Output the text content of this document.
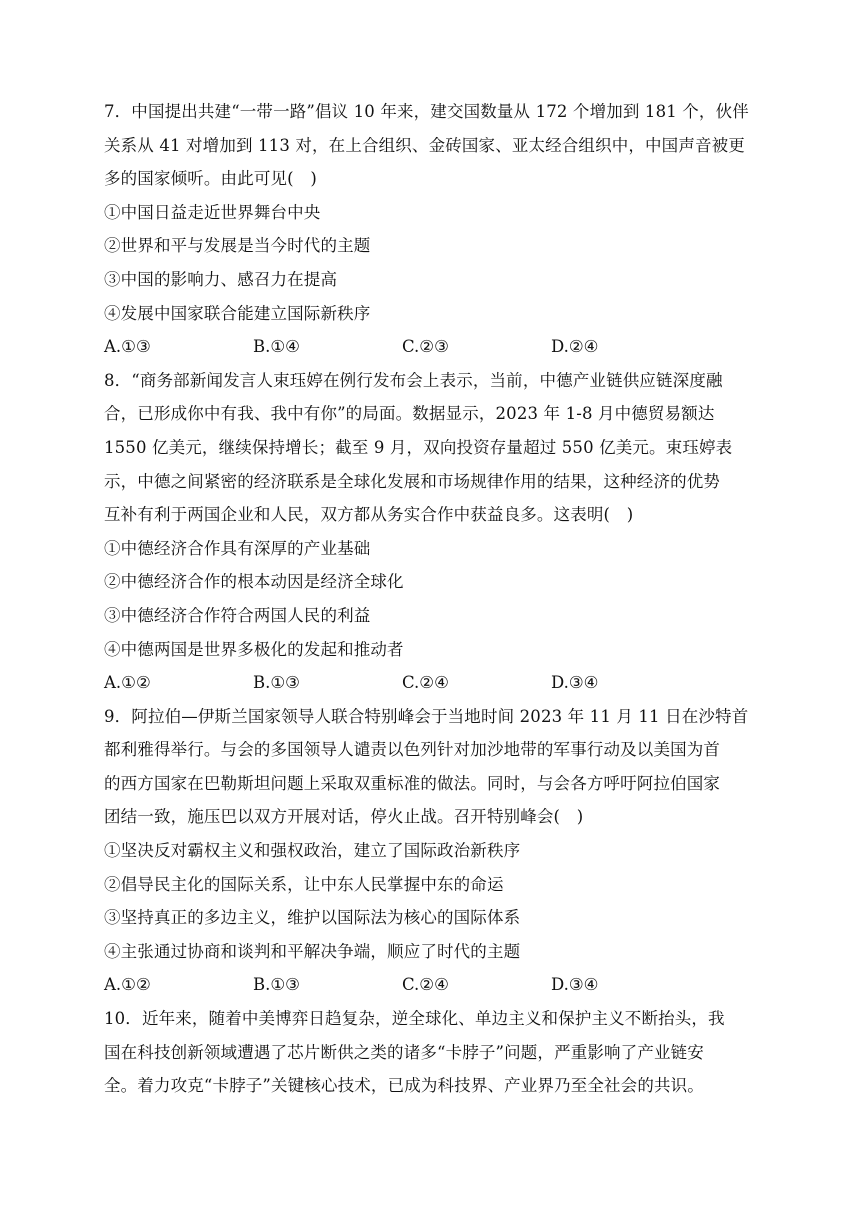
7．中国提出共建“一带一路”倡议 10 年来，建交国数量从 172 个增加到 181 个，伙伴
关系从 41 对增加到 113 对，在上合组织、金砖国家、亚太经合组织中，中国声音被更
多的国家倾听。由此可见(　)
①中国日益走近世界舞台中央
②世界和平与发展是当今时代的主题
③中国的影响力、感召力在提高
④发展中国家联合能建立国际新秩序
A.①③	B.①④	C.②③	D.②④
8．“商务部新闻发言人束珏婷在例行发布会上表示，当前，中德产业链供应链深度融
合，已形成你中有我、我中有你”的局面。数据显示，2023 年 1-8 月中德贸易额达
1550 亿美元，继续保持增长；截至 9 月，双向投资存量超过 550 亿美元。束珏婷表
示，中德之间紧密的经济联系是全球化发展和市场规律作用的结果，这种经济的优势
互补有利于两国企业和人民，双方都从务实合作中获益良多。这表明(　)
①中德经济合作具有深厚的产业基础
②中德经济合作的根本动因是经济全球化
③中德经济合作符合两国人民的利益
④中德两国是世界多极化的发起和推动者
A.①②	B.①③	C.②④	D.③④
9．阿拉伯—伊斯兰国家领导人联合特别峰会于当地时间 2023 年 11 月 11 日在沙特首
都利雅得举行。与会的多国领导人谴责以色列针对加沙地带的军事行动及以美国为首
的西方国家在巴勒斯坦问题上采取双重标准的做法。同时，与会各方呼吁阿拉伯国家
团结一致，施压巴以双方开展对话，停火止战。召开特别峰会(　)
①坚决反对霸权主义和强权政治，建立了国际政治新秩序
②倡导民主化的国际关系，让中东人民掌握中东的命运
③坚持真正的多边主义，维护以国际法为核心的国际体系
④主张通过协商和谈判和平解决争端，顺应了时代的主题
A.①②	B.①③	C.②④	D.③④
10．近年来，随着中美博弈日趋复杂，逆全球化、单边主义和保护主义不断抬头，我
国在科技创新领域遭遇了芯片断供之类的诸多“卡脖子”问题，严重影响了产业链安
全。着力攻克“卡脖子”关键核心技术，已成为科技界、产业界乃至全社会的共识。
